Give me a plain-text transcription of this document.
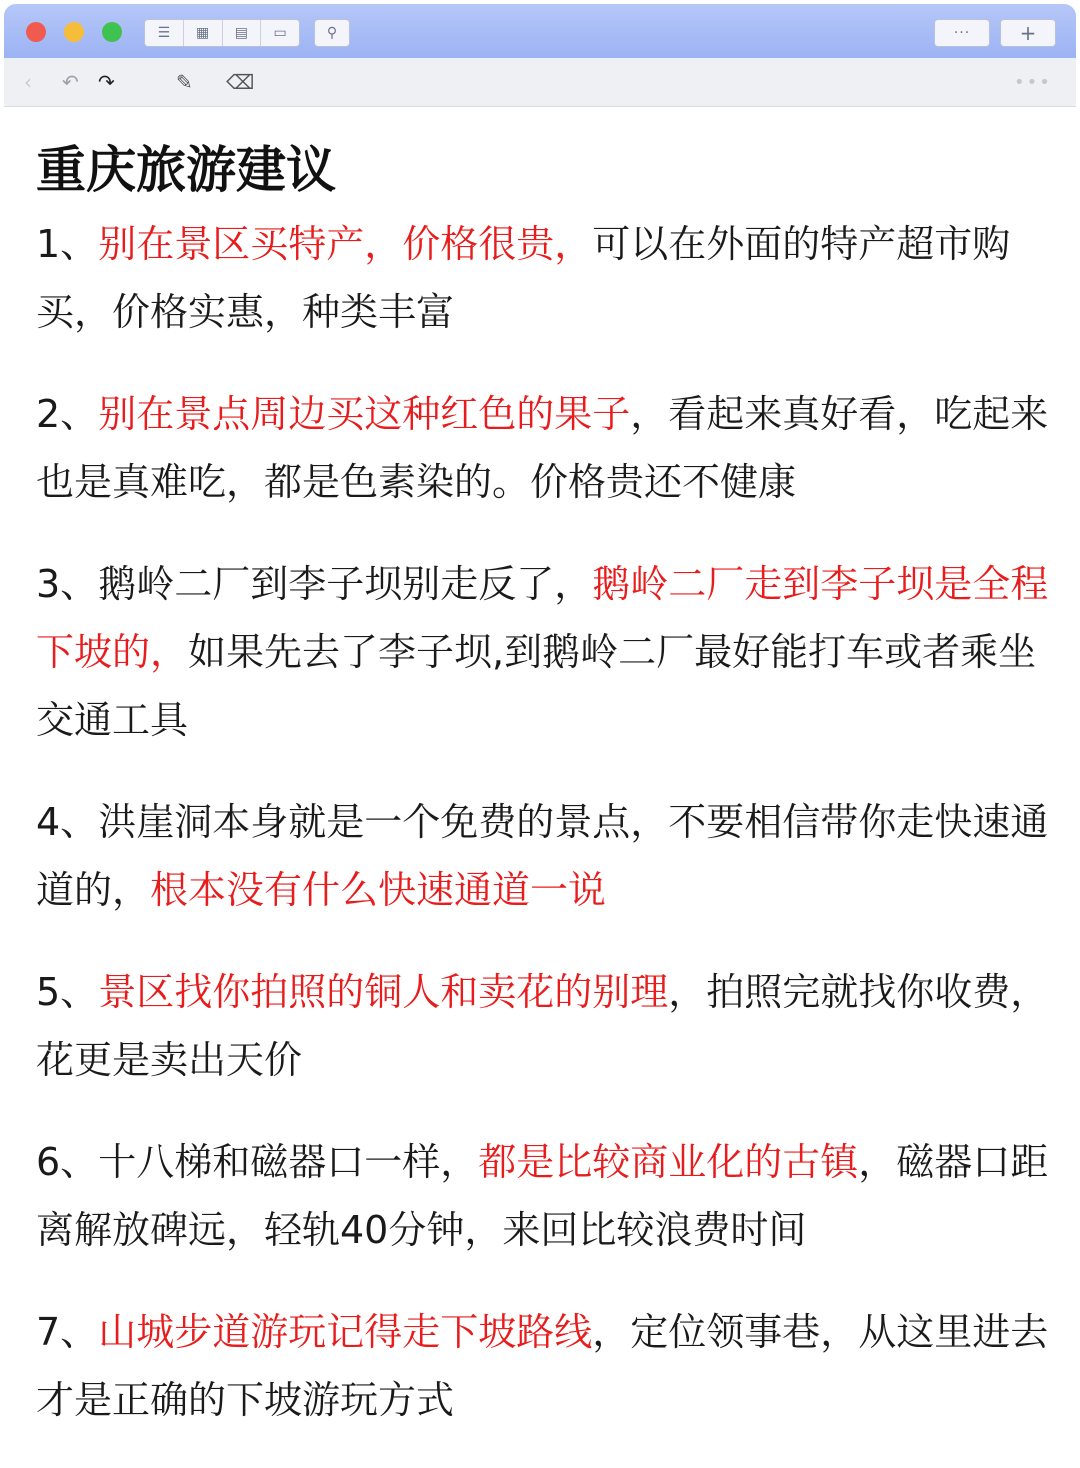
☰	▦	▤	▭	⚲	···	+
‹ ↶ ↷	✎ ⌫	•••
重庆旅游建议

1、别在景区买特产，价格很贵，可以在外面的特产超市购买，价格实惠，种类丰富

2、别在景点周边买这种红色的果子，看起来真好看，吃起来也是真难吃，都是色素染的。价格贵还不健康

3、鹅岭二厂到李子坝别走反了，鹅岭二厂走到李子坝是全程下坡的，如果先去了李子坝,到鹅岭二厂最好能打车或者乘坐交通工具

4、洪崖洞本身就是一个免费的景点，不要相信带你走快速通道的，根本没有什么快速通道一说

5、景区找你拍照的铜人和卖花的别理，拍照完就找你收费，花更是卖出天价

6、十八梯和磁器口一样，都是比较商业化的古镇，磁器口距离解放碑远，轻轨40分钟，来回比较浪费时间

7、山城步道游玩记得走下坡路线，定位领事巷，从这里进去才是正确的下坡游玩方式
